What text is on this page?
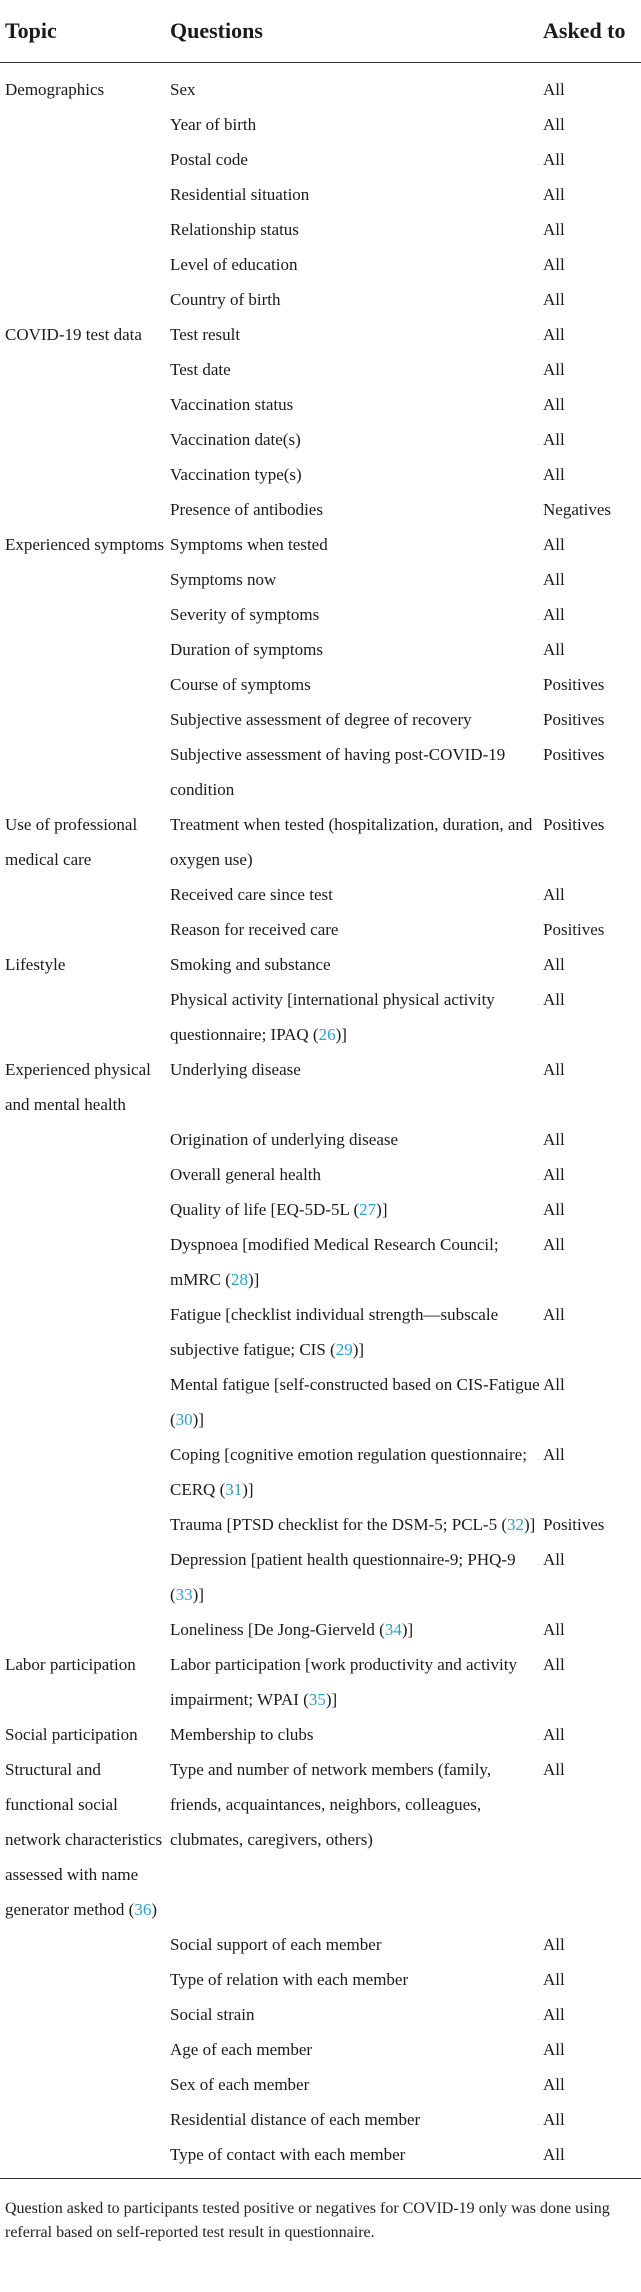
Topic	Questions	Asked to

Demographics	Sex	All
	Year of birth	All
	Postal code	All
	Residential situation	All
	Relationship status	All
	Level of education	All
	Country of birth	All
COVID-19 test data	Test result	All
	Test date	All
	Vaccination status	All
	Vaccination date(s)	All
	Vaccination type(s)	All
	Presence of antibodies	Negatives
Experienced symptoms	Symptoms when tested	All
	Symptoms now	All
	Severity of symptoms	All
	Duration of symptoms	All
	Course of symptoms	Positives
	Subjective assessment of degree of recovery	Positives
	Subjective assessment of having post-COVID-19 condition	Positives
Use of professional medical care	Treatment when tested (hospitalization, duration, and oxygen use)	Positives
	Received care since test	All
	Reason for received care	Positives
Lifestyle	Smoking and substance	All
	Physical activity [international physical activity questionnaire; IPAQ (26)]	All
Experienced physical and mental health	Underlying disease	All
	Origination of underlying disease	All
	Overall general health	All
	Quality of life [EQ-5D-5L (27)]	All
	Dyspnoea [modified Medical Research Council; mMRC (28)]	All
	Fatigue [checklist individual strength—subscale subjective fatigue; CIS (29)]	All
	Mental fatigue [self-constructed based on CIS-Fatigue (30)]	All
	Coping [cognitive emotion regulation questionnaire; CERQ (31)]	All
	Trauma [PTSD checklist for the DSM-5; PCL-5 (32)]	Positives
	Depression [patient health questionnaire-9; PHQ-9 (33)]	All
	Loneliness [De Jong-Gierveld (34)]	All
Labor participation	Labor participation [work productivity and activity impairment; WPAI (35)]	All
Social participation	Membership to clubs	All
Structural and functional social network characteristics assessed with name generator method (36)	Type and number of network members (family, friends, acquaintances, neighbors, colleagues, clubmates, caregivers, others)	All
	Social support of each member	All
	Type of relation with each member	All
	Social strain	All
	Age of each member	All
	Sex of each member	All
	Residential distance of each member	All
	Type of contact with each member	All

Question asked to participants tested positive or negatives for COVID-19 only was done using referral based on self-reported test result in questionnaire.
